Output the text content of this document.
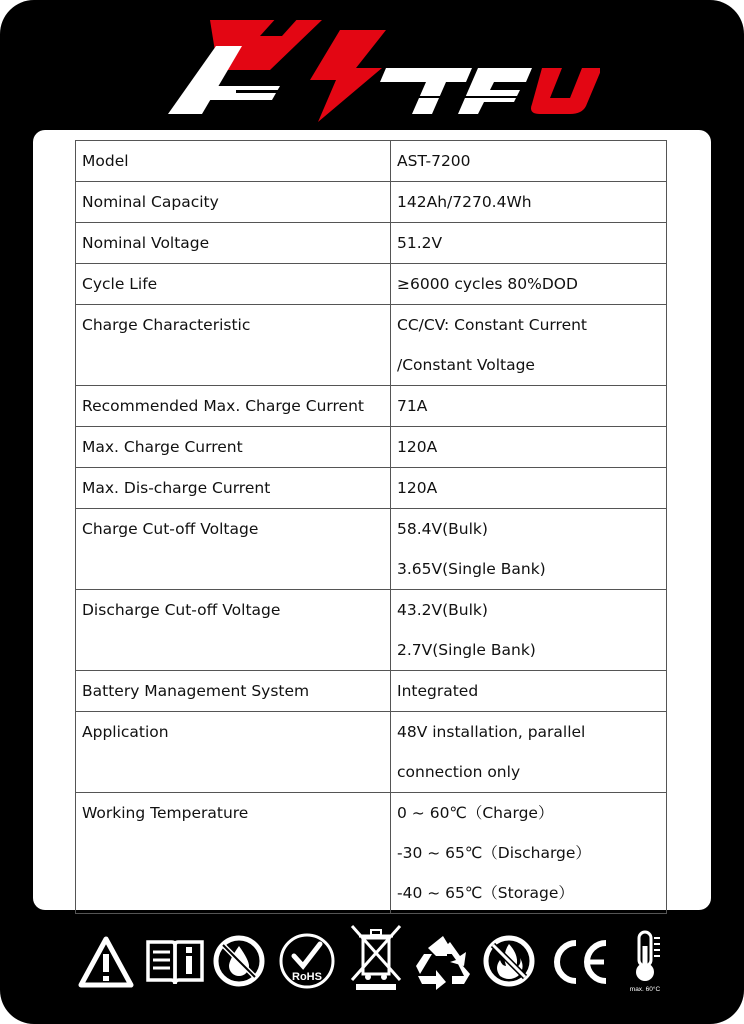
Model	AST-7200

Nominal Capacity	142Ah/7270.4Wh

Nominal Voltage	51.2V

Cycle Life	≥6000 cycles 80%DOD

Charge Characteristic	CC/CV: Constant Current
/Constant Voltage

Recommended Max. Charge Current	71A

Max. Charge Current	120A

Max. Dis-charge Current	120A

Charge Cut-off Voltage	58.4V(Bulk)
3.65V(Single Bank)

Discharge Cut-off Voltage	43.2V(Bulk)
2.7V(Single Bank)

Battery Management System	Integrated

Application	48V installation, parallel
connection only

Working Temperature	0 ~ 60℃（Charge）
-30 ~ 65℃（Discharge）
-40 ~ 65℃（Storage）
RoHS
max. 60°C
